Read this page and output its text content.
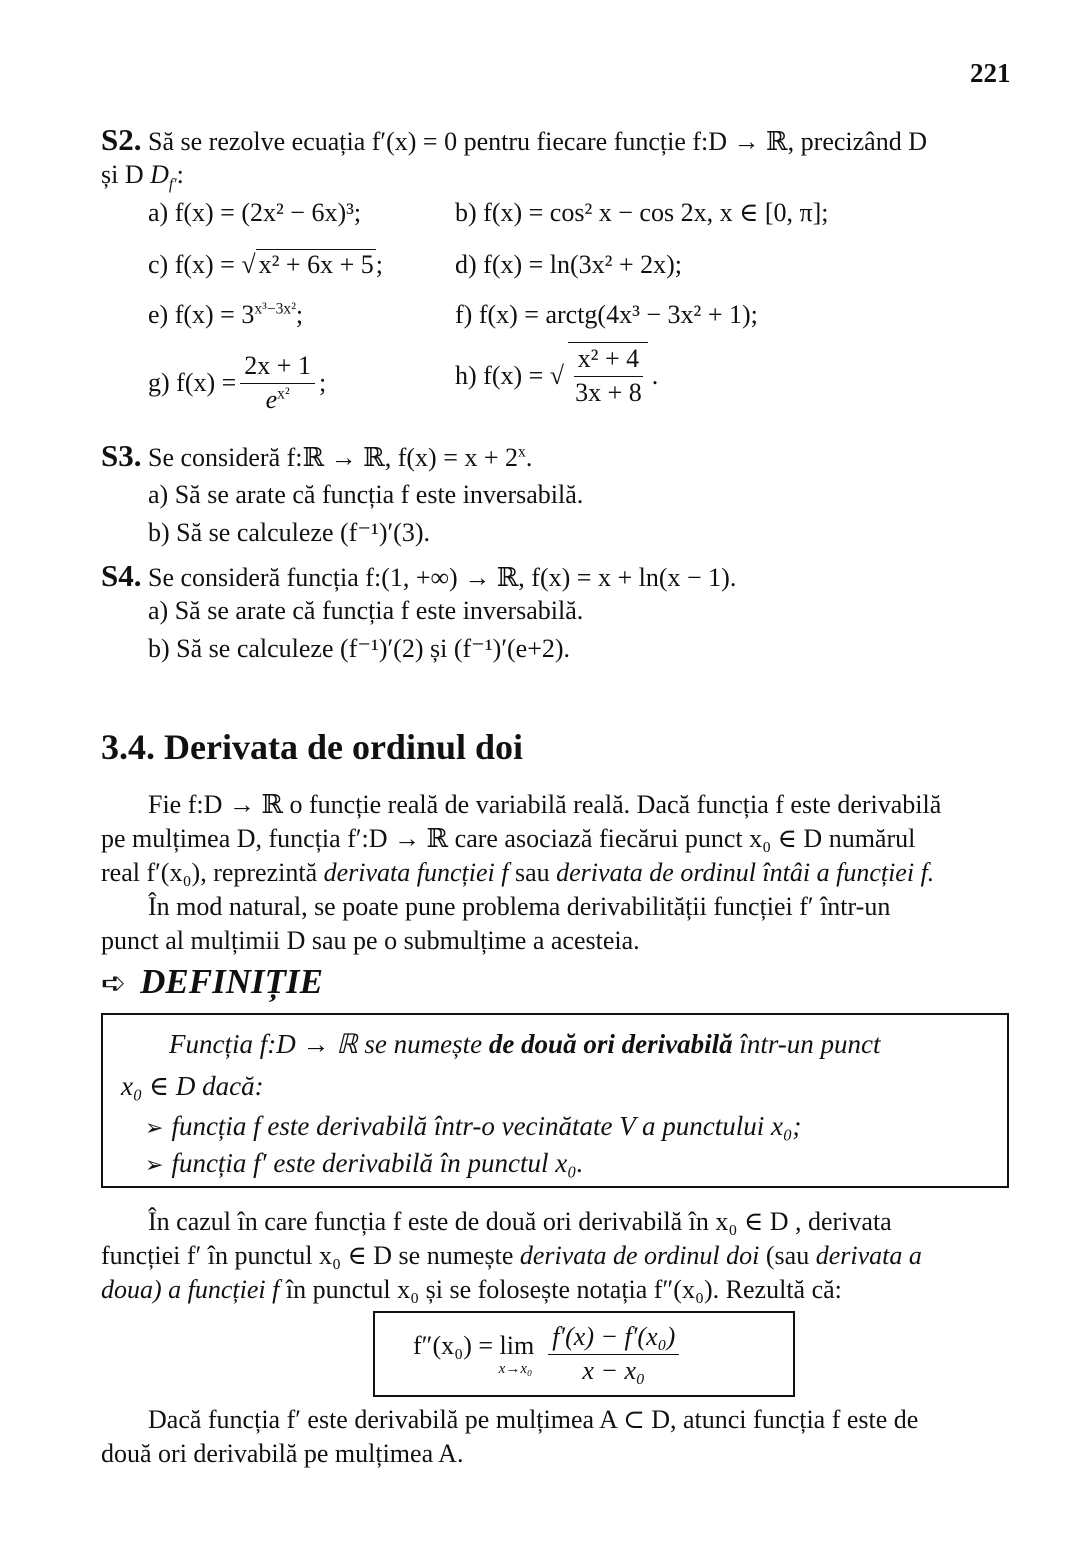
221
S2. Să se rezolve ecuația f′(x) = 0 pentru fiecare funcție f:D → ℝ, precizând D
și D $D_{f'}$:
a) f(x) = (2x² − 6x)³;	b) f(x) = cos² x − cos 2x, x ∈ [0, π];
c) f(x) = √ x² + 6x + 5;	d) f(x) = ln(3x² + 2x);
e) $f(x) = 3^{x^3-3x^2}$;	f) f(x) = arctg(4x³ − 3x² + 1);
g) $f(x) = \frac{2x + 1}{e^{x^2}}$ ;	h) f(x) = √ $\frac{\text{x² + 4}}{3x + 8}$ .
S3. Se consideră f:ℝ → ℝ, $f(x) = x + 2^x$.
a) Să se arate că funcția f este inversabilă.
b) Să se calculeze (f⁻¹)′(3).
S4. Se consideră funcția f:(1, +∞) → ℝ, f(x) = x + ln(x − 1).
a) Să se arate că funcția f este inversabilă.
b) Să se calculeze (f⁻¹)′(2) și (f⁻¹)′(e+2).
3.4. Derivata de ordinul doi
Fie f:D → ℝ o funcție reală de variabilă reală. Dacă funcția f este derivabilă
pe mulțimea D, funcția f′:D → ℝ care asociază fiecărui punct x₀ ∈ D numărul
real f′(x₀), reprezintă derivata funcției f sau derivata de ordinul întâi a funcției f.
În mod natural, se poate pune problema derivabilității funcției f′ într-un
punct al mulțimii D sau pe o submulțime a acesteia.
➪ DEFINIȚIE
Funcția f:D → ℝ se numește de două ori derivabilă într-un punct
x₀ ∈ D dacă:
➢ funcția f este derivabilă într-o vecinătate V a punctului x₀;
➢ funcția f′ este derivabilă în punctul x₀.
În cazul în care funcția f este de două ori derivabilă în x₀ ∈ D , derivata
funcției f′ în punctul x₀ ∈ D se numește derivata de ordinul doi (sau derivata a
doua) a funcției f în punctul x₀ și se folosește notația f″(x₀). Rezultă că:
f″(x₀) = lim
$x\to x_0 \frac{\text{f′(x) − f′(x₀)}}{\text{x − x₀}}$
Dacă funcția f′ este derivabilă pe mulțimea A ⊂ D, atunci funcția f este de
două ori derivabilă pe mulțimea A.
